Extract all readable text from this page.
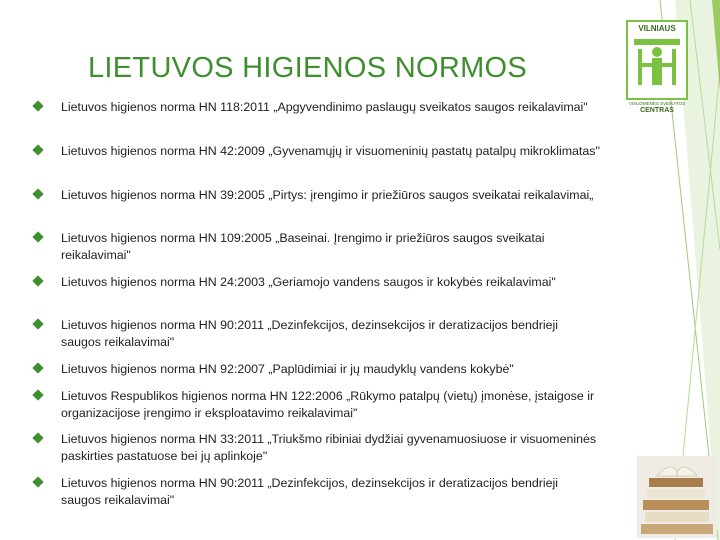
LIETUVOS HIGIENOS NORMOS
VILNIAUS
VISUOMENĖS SVEIKATOS
CENTRAS
Lietuvos higienos norma HN 118:2011 „Apgyvendinimo paslaugų sveikatos saugos reikalavimai"
Lietuvos higienos norma HN 42:2009 „Gyvenamųjų ir visuomeninių pastatų patalpų mikroklimatas"
Lietuvos higienos norma HN 39:2005 „Pirtys: įrengimo ir priežiūros saugos sveikatai reikalavimai„
Lietuvos higienos norma HN 109:2005 „Baseinai. Įrengimo ir priežiūros saugos sveikatai reikalavimai"
Lietuvos higienos norma HN 24:2003 „Geriamojo vandens saugos ir kokybės reikalavimai"
Lietuvos higienos norma HN 90:2011 „Dezinfekcijos, dezinsekcijos ir deratizacijos bendrieji saugos reikalavimai"
Lietuvos higienos norma HN 92:2007 „Paplūdimiai ir jų maudyklų vandens kokybė"
Lietuvos Respublikos higienos norma HN 122:2006 „Rūkymo patalpų (vietų) įmonėse, įstaigose ir organizacijose įrengimo ir eksploatavimo reikalavimai"
Lietuvos higienos norma HN 33:2011 „Triukšmo ribiniai dydžiai gyvenamuosiuose ir visuomeninės paskirties pastatuose bei jų aplinkoje"
Lietuvos higienos norma HN 90:2011 „Dezinfekcijos, dezinsekcijos ir deratizacijos bendrieji saugos reikalavimai"
